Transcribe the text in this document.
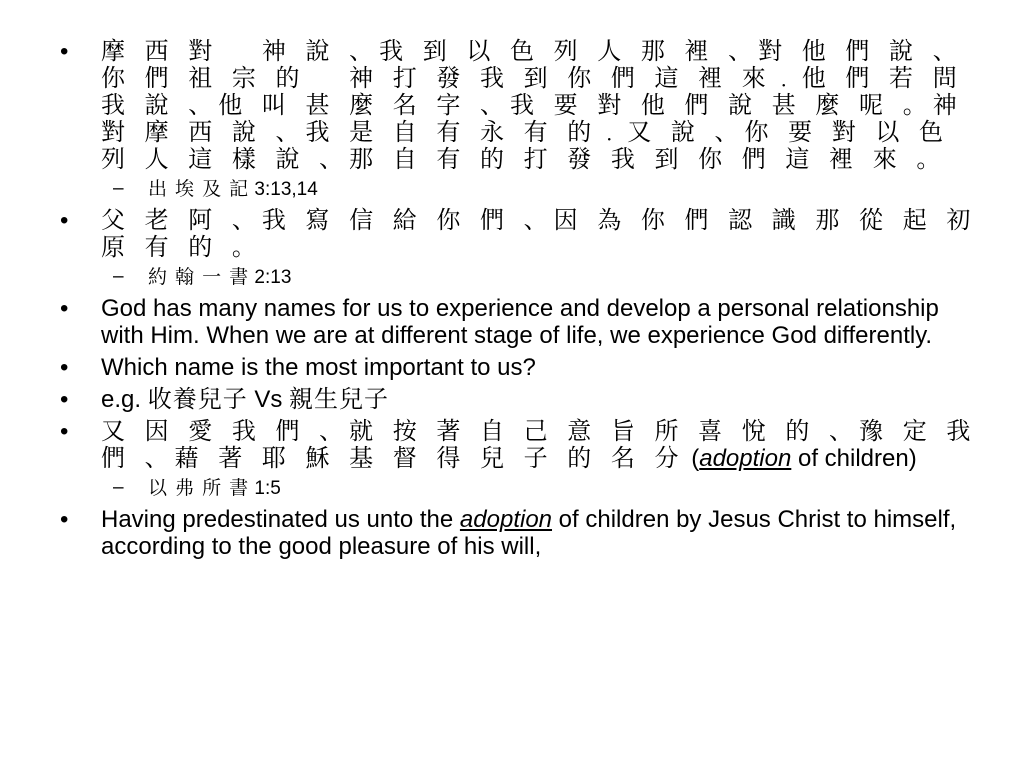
•	摩 西 對 　神 說 、我 到 以 色 列 人 那 裡 、對 他 們 說 、你 們 祖 宗 的 　神 打 發 我 到 你 們 這 裡 來﹒他 們 若 問 我 說 、他 叫 甚 麼 名 字 、我 要 對 他 們 說 甚 麼 呢 。神 對 摩 西 說 、我 是 自 有 永 有 的﹒又 說 、你 要 對 以 色 列 人 這 樣 說 、那 自 有 的 打 發 我 到 你 們 這 裡 來 。
– 出 埃 及 記 3:13,14
•	父 老 阿 、我 寫 信 給 你 們 、因 為 你 們 認 識 那 從 起 初 原 有 的 。
– 約 翰 一 書 2:13
•	God has many names for us to experience and develop a personal relationship with Him. When we are at different stage of life, we experience God differently.
•	Which name is the most important to us?
•	e.g. 收養兒子 Vs 親生兒子
•	又 因 愛 我 們 、就 按 著 自 己 意 旨 所 喜 悅 的 、豫 定 我 們 、藉 著 耶 穌 基 督 得 兒 子 的 名 分 (adoption of children)
– 以 弗 所 書 1:5
•	Having predestinated us unto the adoption of children by Jesus Christ to himself, according to the good pleasure of his will,
